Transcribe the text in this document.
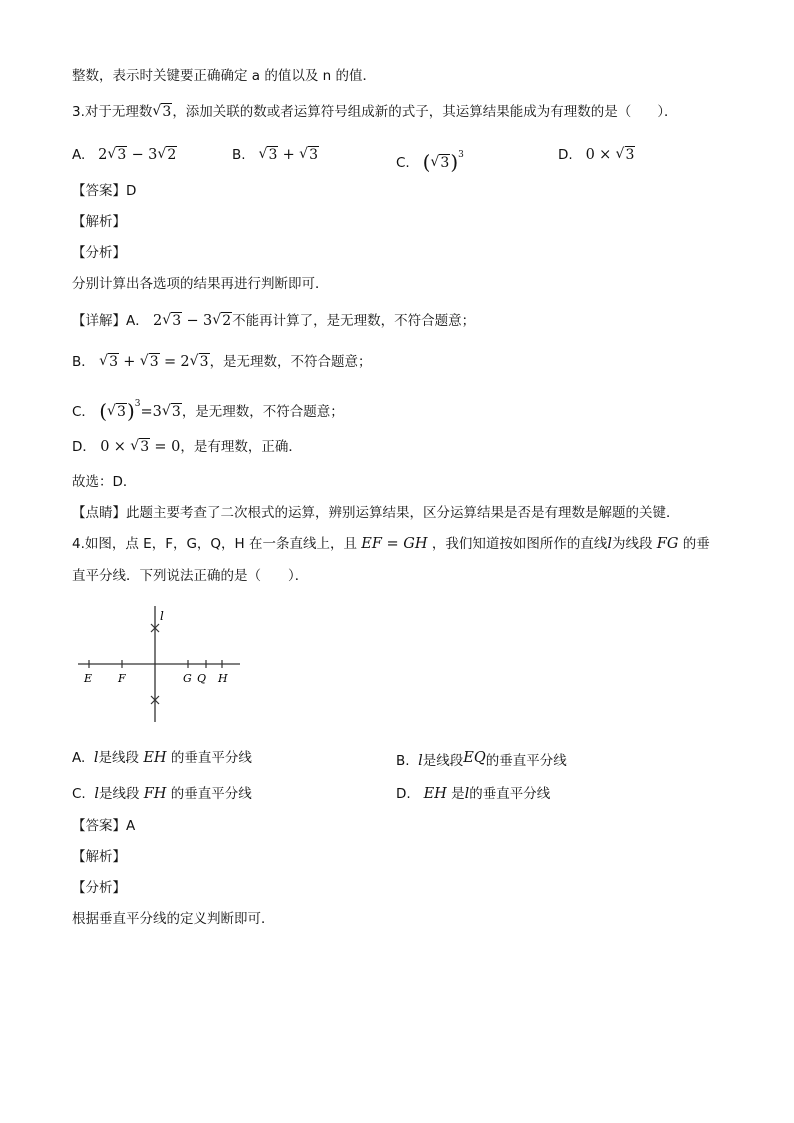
整数，表示时关键要正确确定 a 的值以及 n 的值．
3.对于无理数 √ 3，添加关联的数或者运算符号组成新的式子，其运算结果能成为有理数的是（ ）．
A. 2 √ 3 − 3 √ 2	B. √ 3 + √ 3	C. ( √ 3)$^3$	D. 0 × √ 3
【答案】D
【解析】
【分析】
分别计算出各选项的结果再进行判断即可．
【详解】A． 2 √ 3 − 3 √ 2不能再计算了，是无理数，不符合题意；
B． √ 3 + √ 3 = 2 √ 3，是无理数，不符合题意；
C． ( √ 3)$^3$=3 √ 3，是无理数，不符合题意；
D． 0 × √ 3 = 0，是有理数，正确．
故选：D．
【点睛】此题主要考查了二次根式的运算，辨别运算结果，区分运算结果是否是有理数是解题的关键．
4.如图，点 E，F，G，Q，H 在一条直线上，且 EF = GH ，我们知道按如图所作的直线l为线段 FG 的垂
直平分线．下列说法正确的是（　　）．
l
E F	G Q H
A. l是线段 EH 的垂直平分线	B. l是线段EQ的垂直平分线
C. l是线段 FH 的垂直平分线	D. EH 是l的垂直平分线
【答案】A
【解析】
【分析】
根据垂直平分线的定义判断即可．
